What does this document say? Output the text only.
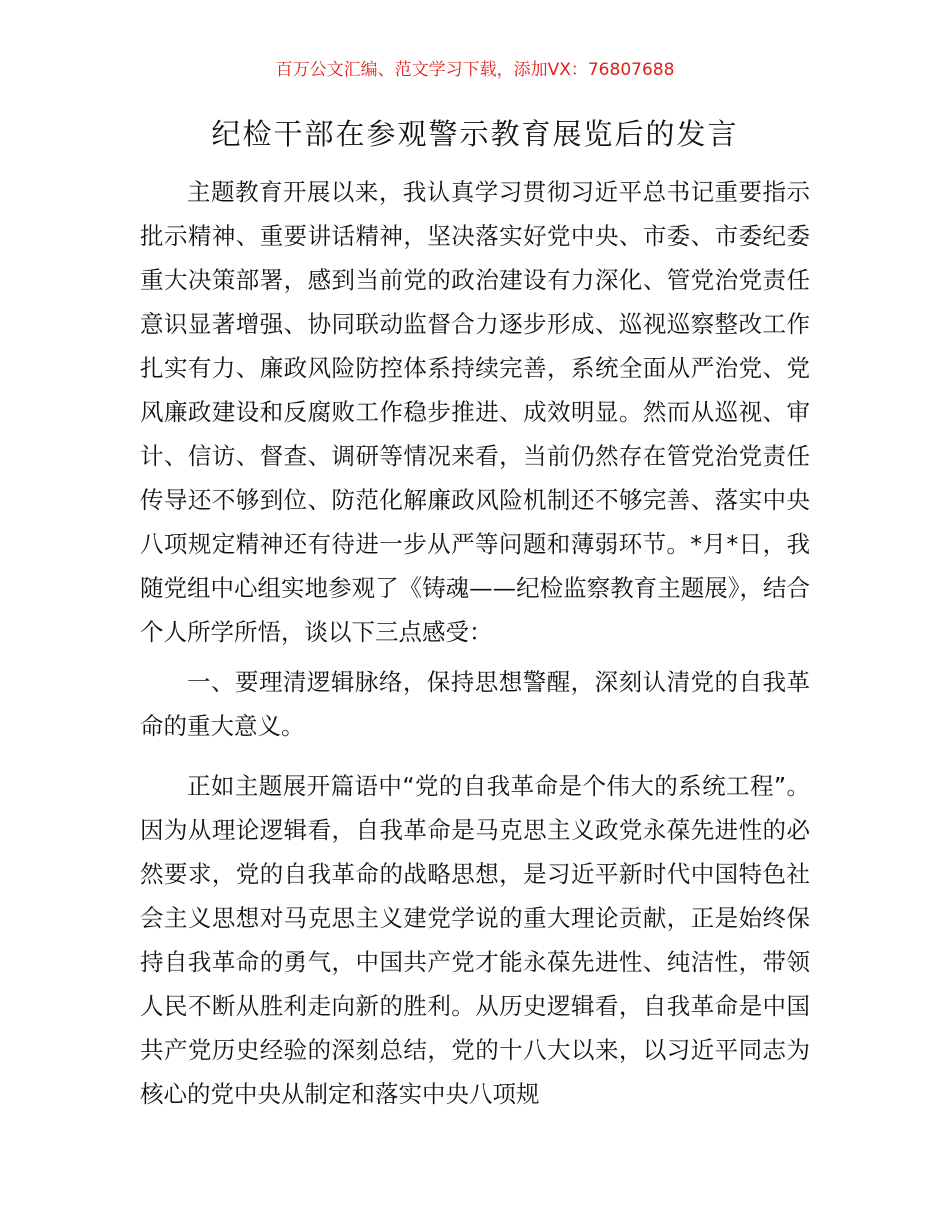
百万公文汇编、范文学习下载，添加VX：76807688
纪检干部在参观警示教育展览后的发言

主题教育开展以来，我认真学习贯彻习近平总书记重要指示批示精神、重要讲话精神，坚决落实好党中央、市委、市委纪委重大决策部署，感到当前党的政治建设有力深化、管党治党责任意识显著增强、协同联动监督合力逐步形成、巡视巡察整改工作扎实有力、廉政风险防控体系持续完善，系统全面从严治党、党风廉政建设和反腐败工作稳步推进、成效明显。然而从巡视、审计、信访、督查、调研等情况来看，当前仍然存在管党治党责任传导还不够到位、防范化解廉政风险机制还不够完善、落实中央八项规定精神还有待进一步从严等问题和薄弱环节。*月*日，我随党组中心组实地参观了《铸魂——纪检监察教育主题展》，结合个人所学所悟，谈以下三点感受：

一、要理清逻辑脉络，保持思想警醒，深刻认清党的自我革命的重大意义。

正如主题展开篇语中“党的自我革命是个伟大的系统工程”。因为从理论逻辑看，自我革命是马克思主义政党永葆先进性的必然要求，党的自我革命的战略思想，是习近平新时代中国特色社会主义思想对马克思主义建党学说的重大理论贡献，正是始终保持自我革命的勇气，中国共产党才能永葆先进性、纯洁性，带领人民不断从胜利走向新的胜利。从历史逻辑看，自我革命是中国共产党历史经验的深刻总结，党的十八大以来，以习近平同志为核心的党中央从制定和落实中央八项规
